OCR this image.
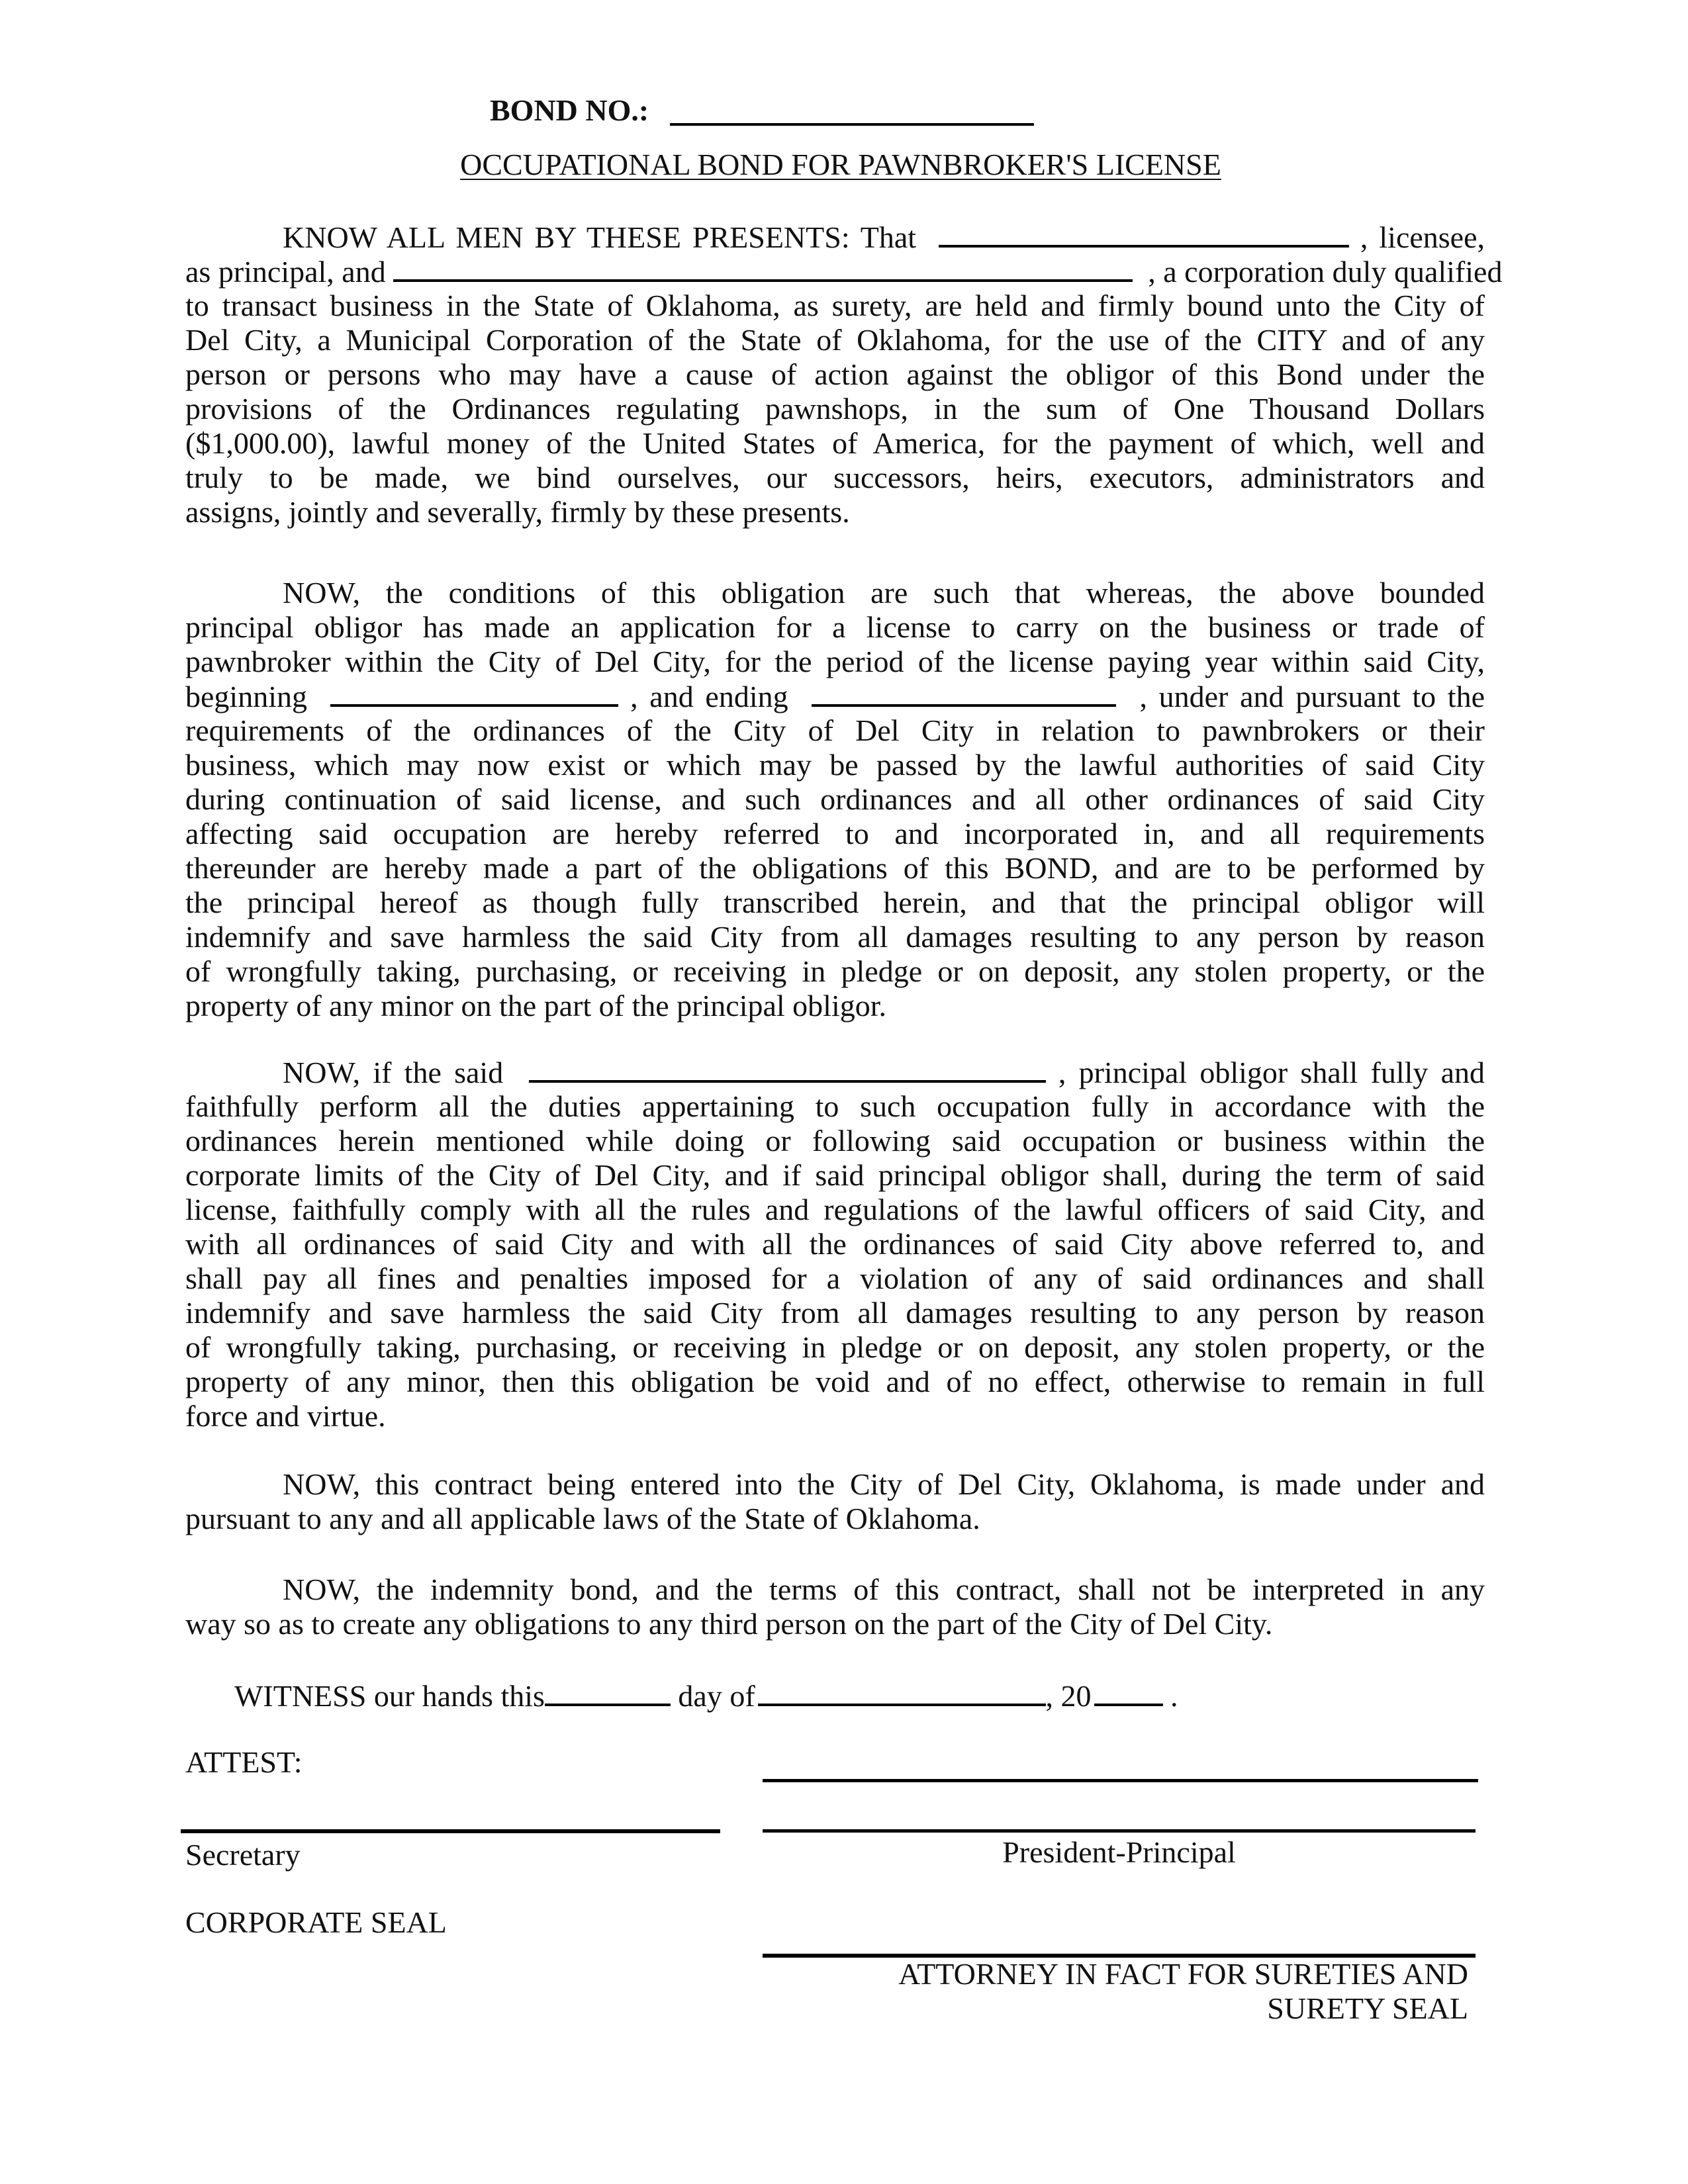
BOND NO.:
OCCUPATIONAL BOND FOR PAWNBROKER'S LICENSE
KNOW ALL MEN BY THESE PRESENTS: That	, licensee,
as principal, and	, a corporation duly qualified
to transact business in the State of Oklahoma, as surety, are held and firmly bound unto the City of
Del City, a Municipal Corporation of the State of Oklahoma, for the use of the CITY and of any
person or persons who may have a cause of action against the obligor of this Bond under the
provisions of the Ordinances regulating pawnshops, in the sum of One Thousand Dollars
($1,000.00), lawful money of the United States of America, for the payment of which, well and
truly to be made, we bind ourselves, our successors, heirs, executors, administrators and
assigns, jointly and severally, firmly by these presents.
NOW, the conditions of this obligation are such that whereas, the above bounded
principal obligor has made an application for a license to carry on the business or trade of
pawnbroker within the City of Del City, for the period of the license paying year within said City,
beginning	, and ending	, under and pursuant to the
requirements of the ordinances of the City of Del City in relation to pawnbrokers or their
business, which may now exist or which may be passed by the lawful authorities of said City
during continuation of said license, and such ordinances and all other ordinances of said City
affecting said occupation are hereby referred to and incorporated in, and all requirements
thereunder are hereby made a part of the obligations of this BOND, and are to be performed by
the principal hereof as though fully transcribed herein, and that the principal obligor will
indemnify and save harmless the said City from all damages resulting to any person by reason
of wrongfully taking, purchasing, or receiving in pledge or on deposit, any stolen property, or the
property of any minor on the part of the principal obligor.
NOW, if the said	, principal obligor shall fully and
faithfully perform all the duties appertaining to such occupation fully in accordance with the
ordinances herein mentioned while doing or following said occupation or business within the
corporate limits of the City of Del City, and if said principal obligor shall, during the term of said
license, faithfully comply with all the rules and regulations of the lawful officers of said City, and
with all ordinances of said City and with all the ordinances of said City above referred to, and
shall pay all fines and penalties imposed for a violation of any of said ordinances and shall
indemnify and save harmless the said City from all damages resulting to any person by reason
of wrongfully taking, purchasing, or receiving in pledge or on deposit, any stolen property, or the
property of any minor, then this obligation be void and of no effect, otherwise to remain in full
force and virtue.
NOW, this contract being entered into the City of Del City, Oklahoma, is made under and
pursuant to any and all applicable laws of the State of Oklahoma.
NOW, the indemnity bond, and the terms of this contract, shall not be interpreted in any
way so as to create any obligations to any third person on the part of the City of Del City.
WITNESS our hands this	day of 	, 20	.
ATTEST:
Secretary	President-Principal
CORPORATE SEAL
ATTORNEY IN FACT FOR SURETIES AND
SURETY SEAL
